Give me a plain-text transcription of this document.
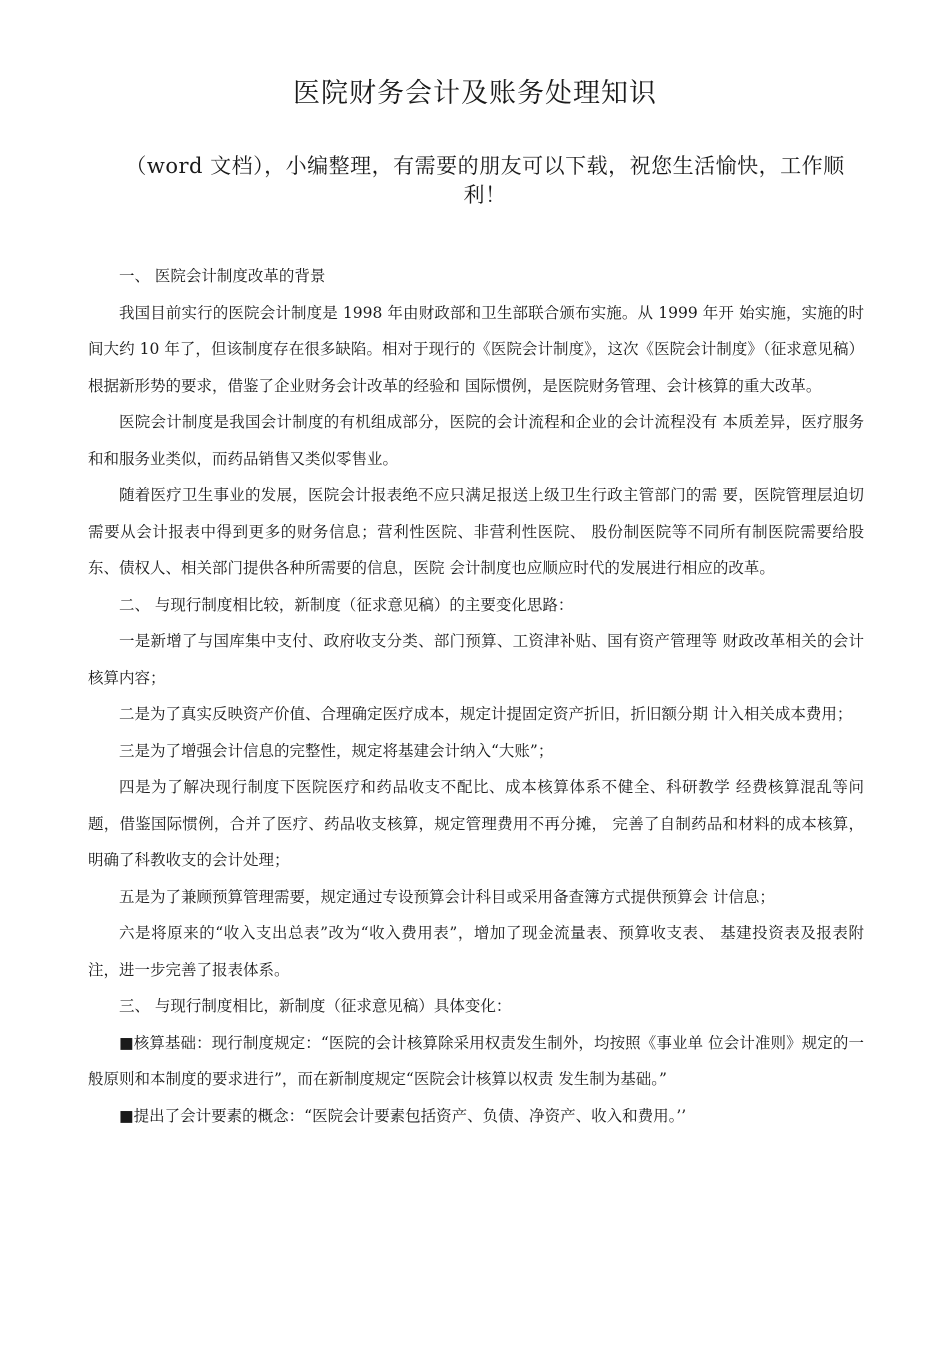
医院财务会计及账务处理知识
（word 文档），小编整理，有需要的朋友可以下载，祝您生活愉快，工作顺利！

一、 医院会计制度改革的背景

我国目前实行的医院会计制度是 1998 年由财政部和卫生部联合颁布实施。从 1999 年开 始实施，实施的时间大约 10 年了，但该制度存在很多缺陷。相对于现行的《医院会计制度》，这次《医院会计制度》（征求意见稿）根据新形势的要求，借鉴了企业财务会计改革的经验和 国际惯例，是医院财务管理、会计核算的重大改革。

医院会计制度是我国会计制度的有机组成部分，医院的会计流程和企业的会计流程没有 本质差异，医疗服务和和服务业类似，而药品销售又类似零售业。

随着医疗卫生事业的发展，医院会计报表绝不应只满足报送上级卫生行政主管部门的需 要，医院管理层迫切需要从会计报表中得到更多的财务信息；营利性医院、非营利性医院、 股份制医院等不同所有制医院需要给股东、债权人、相关部门提供各种所需要的信息，医院 会计制度也应顺应时代的发展进行相应的改革。

二、 与现行制度相比较，新制度（征求意见稿）的主要变化思路：

一是新增了与国库集中支付、政府收支分类、部门预算、工资津补贴、国有资产管理等 财政改革相关的会计核算内容；

二是为了真实反映资产价值、合理确定医疗成本，规定计提固定资产折旧，折旧额分期 计入相关成本费用；

三是为了增强会计信息的完整性，规定将基建会计纳入“大账”；

四是为了解决现行制度下医院医疗和药品收支不配比、成本核算体系不健全、科研教学 经费核算混乱等问题，借鉴国际惯例，合并了医疗、药品收支核算，规定管理费用不再分摊， 完善了自制药品和材料的成本核算，明确了科教收支的会计处理；

五是为了兼顾预算管理需要，规定通过专设预算会计科目或采用备查簿方式提供预算会 计信息；

六是将原来的“收入支出总表”改为“收入费用表”，增加了现金流量表、预算收支表、 基建投资表及报表附注，进一步完善了报表体系。

三、 与现行制度相比，新制度（征求意见稿）具体变化：

■核算基础：现行制度规定：“医院的会计核算除采用权责发生制外，均按照《事业单 位会计准则》规定的一般原则和本制度的要求进行”，而在新制度规定“医院会计核算以权责 发生制为基础。”

■提出了会计要素的概念：“医院会计要素包括资产、负债、净资产、收入和费用。’’
